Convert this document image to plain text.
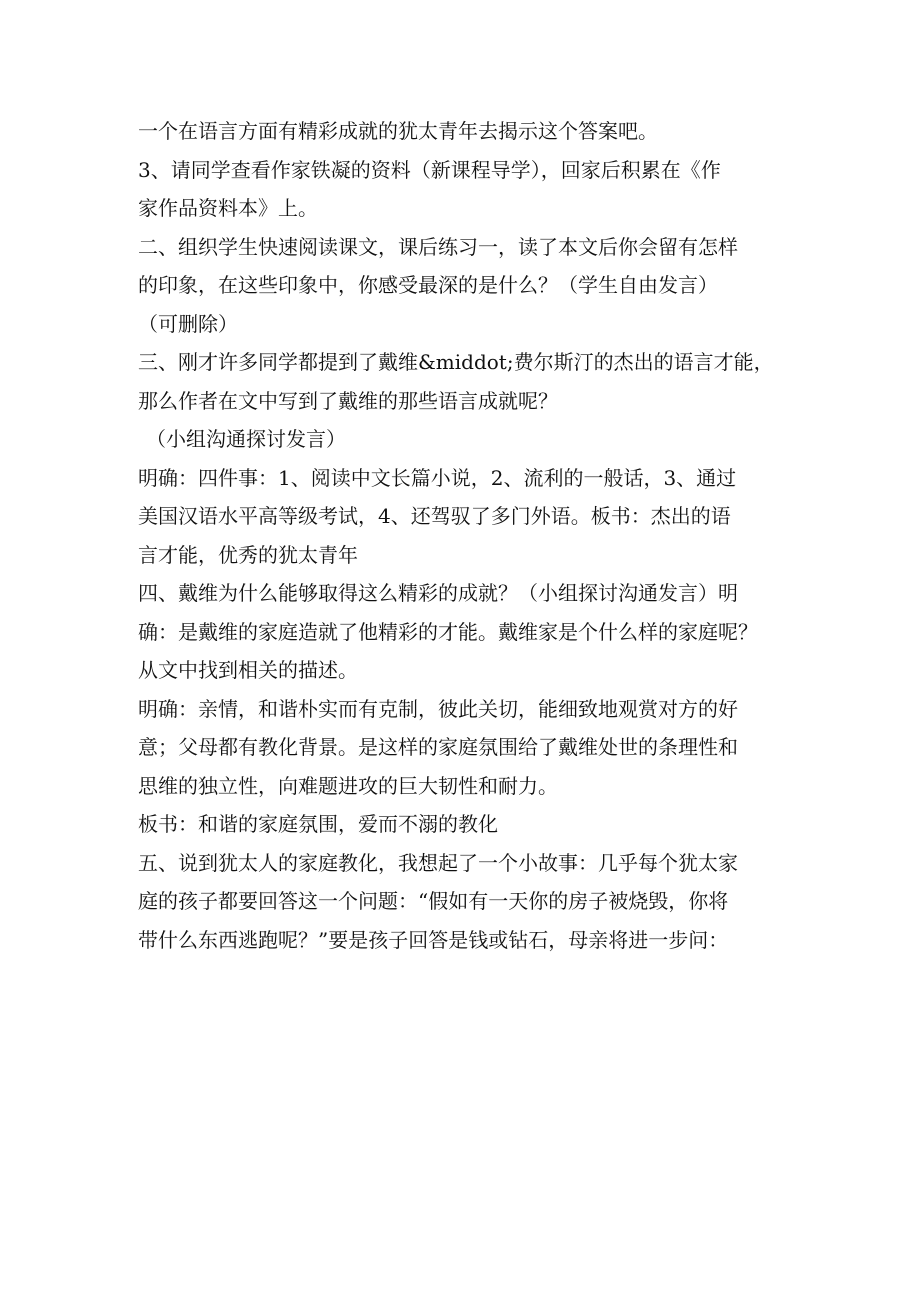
一个在语言方面有精彩成就的犹太青年去揭示这个答案吧。
3、请同学查看作家铁凝的资料（新课程导学），回家后积累在《作
家作品资料本》上。
二、组织学生快速阅读课文，课后练习一，读了本文后你会留有怎样
的印象，在这些印象中，你感受最深的是什么？（学生自由发言）
（可删除）
三、刚才许多同学都提到了戴维&middot;费尔斯汀的杰出的语言才能，
那么作者在文中写到了戴维的那些语言成就呢？
（小组沟通探讨发言）
明确：四件事：1、阅读中文长篇小说，2、流利的一般话，3、通过
美国汉语水平高等级考试，4、还驾驭了多门外语。板书：杰出的语
言才能，优秀的犹太青年
四、戴维为什么能够取得这么精彩的成就？（小组探讨沟通发言）明
确：是戴维的家庭造就了他精彩的才能。戴维家是个什么样的家庭呢？
从文中找到相关的描述。
明确：亲情，和谐朴实而有克制，彼此关切，能细致地观赏对方的好
意；父母都有教化背景。是这样的家庭氛围给了戴维处世的条理性和
思维的独立性，向难题进攻的巨大韧性和耐力。
板书：和谐的家庭氛围，爱而不溺的教化
五、说到犹太人的家庭教化，我想起了一个小故事：几乎每个犹太家
庭的孩子都要回答这一个问题：“假如有一天你的房子被烧毁，你将
带什么东西逃跑呢？”要是孩子回答是钱或钻石，母亲将进一步问：
